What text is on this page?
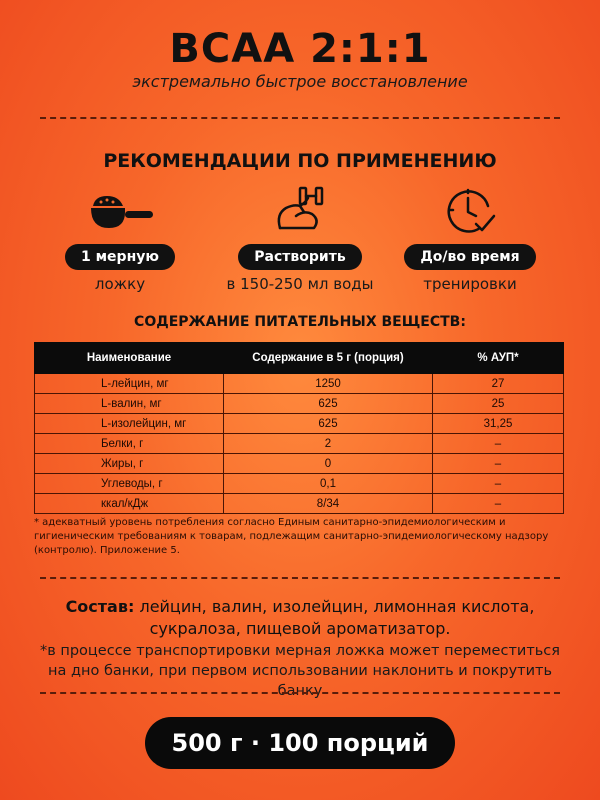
BCAA 2:1:1
экстремально быстрое восстановление
РЕКОМЕНДАЦИИ ПО ПРИМЕНЕНИЮ
1 мерную
ложку
Растворить
в 150-250 мл воды
До/во время
тренировки
СОДЕРЖАНИЕ ПИТАТЕЛЬНЫХ ВЕЩЕСТВ:
Наименование	Содержание в 5 г (порция)	% АУП*
L-лейцин, мг	1250	27
L-валин, мг	625	25
L-изолейцин, мг	625	31,25
Белки, г	2	–
Жиры, г	0	–
Углеводы, г	0,1	–
ккал/кДж	8/34	–
* адекватный уровень потребления согласно Единым санитарно-эпидемиологическим и гигиеническим требованиям к товарам, подлежащим санитарно-эпидемиологическому надзору (контролю). Приложение 5.
Состав: лейцин, валин, изолейцин, лимонная кислота, сукралоза, пищевой ароматизатор.
*в процессе транспортировки мерная ложка может переместиться на дно банки, при первом использовании наклонить и покрутить банку
500 г · 100 порций
